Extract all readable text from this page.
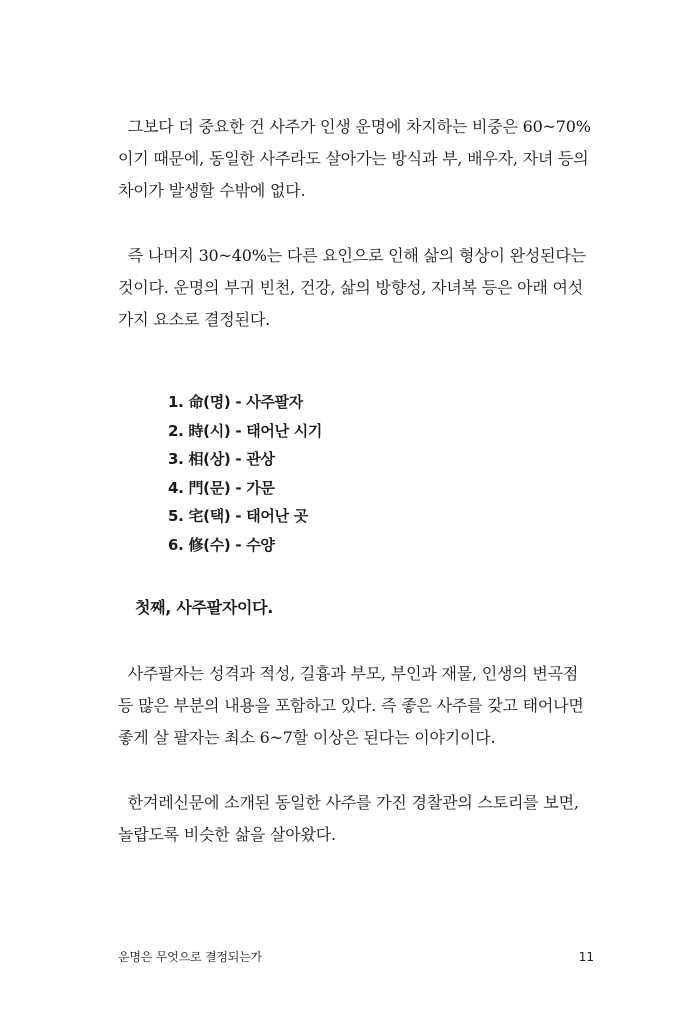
그보다 더 중요한 건 사주가 인생 운명에 차지하는 비중은 60~70%
이기 때문에, 동일한 사주라도 살아가는 방식과 부, 배우자, 자녀 등의
차이가 발생할 수밖에 없다.
즉 나머지 30~40%는 다른 요인으로 인해 삶의 형상이 완성된다는
것이다. 운명의 부귀 빈천, 건강, 삶의 방향성, 자녀복 등은 아래 여섯
가지 요소로 결정된다.
1. 命(명) - 사주팔자
2. 時(시) - 태어난 시기
3. 相(상) - 관상
4. 門(문) - 가문
5. 宅(택) - 태어난 곳
6. 修(수) - 수양
첫째, 사주팔자이다.
사주팔자는 성격과 적성, 길흉과 부모, 부인과 재물, 인생의 변곡점
등 많은 부분의 내용을 포함하고 있다. 즉 좋은 사주를 갖고 태어나면
좋게 살 팔자는 최소 6~7할 이상은 된다는 이야기이다.
한겨레신문에 소개된 동일한 사주를 가진 경찰관의 스토리를 보면,
놀랍도록 비슷한 삶을 살아왔다.
운명은 무엇으로 결정되는가	11
